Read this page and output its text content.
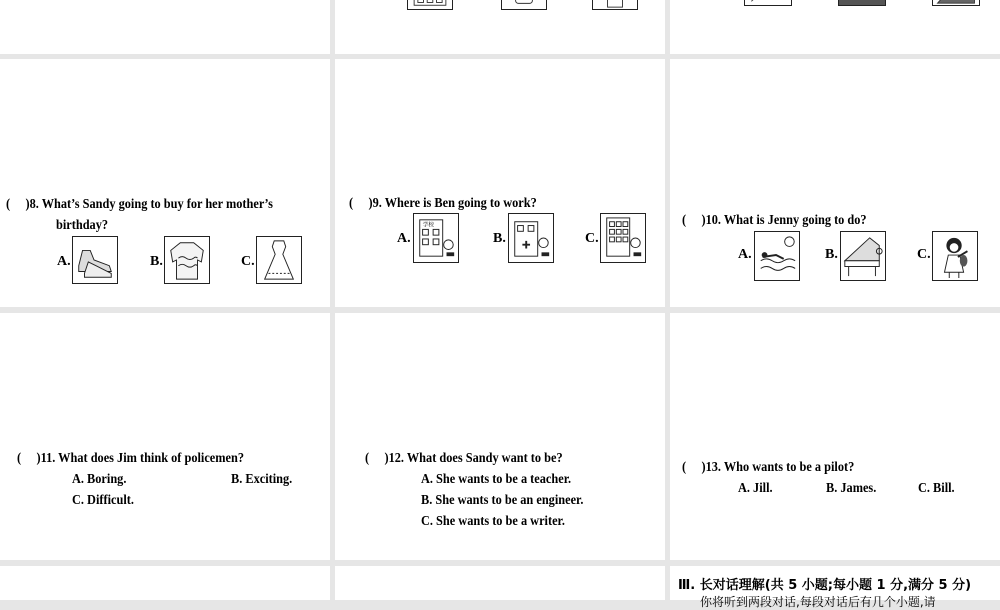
(  )8. What’s Sandy going to buy for her mother’s
birthday?
A.	B.	C.
(  )9. Where is Ben going to work?
A.
学校
B.	C.
(  )10. What is Jenny going to do?
A.	B.	C.
(  )11. What does Jim think of policemen?
A. Boring.	B. Exciting.
C. Difficult.
(  )12. What does Sandy want to be?
A. She wants to be a teacher.
B. She wants to be an engineer.
C. She wants to be a writer.
(  )13. Who wants to be a pilot?
A. Jill.	B. James.	C. Bill.
Ⅲ. 长对话理解(共 5 小题;每小题 1 分,满分 5 分)
你将听到两段对话,每段对话后有几个小题,请
